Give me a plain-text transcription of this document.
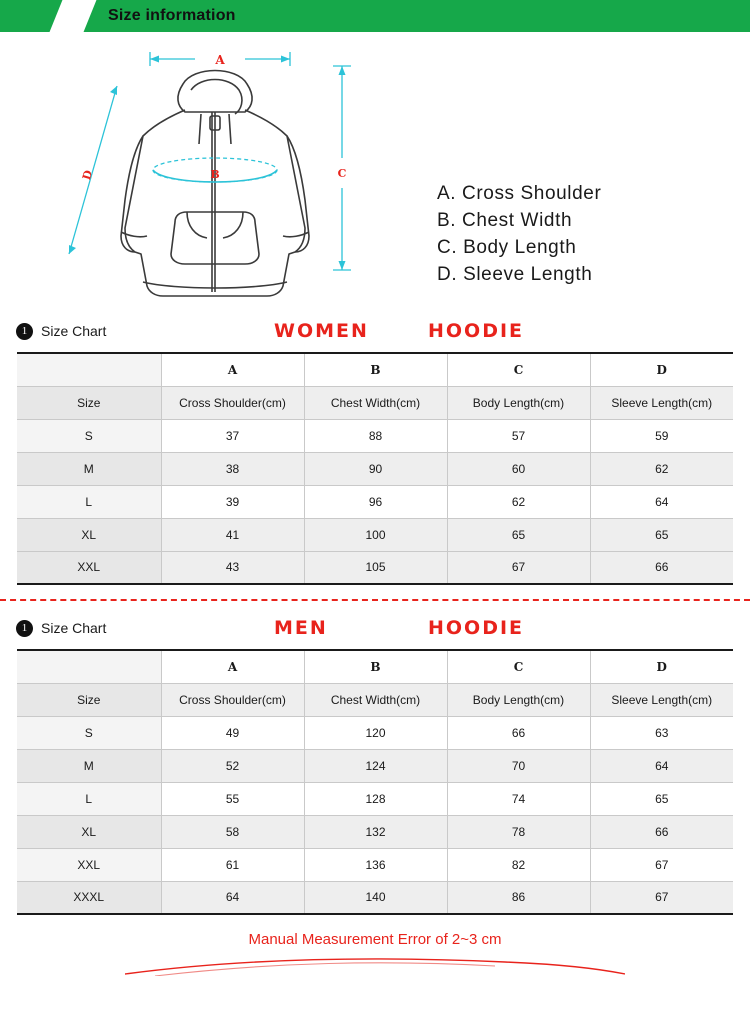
Size information
A
B	C
D
A. Cross Shoulder
B. Chest Width
C. Body Length
D. Sleeve Length
1 Size Chart	WOMEN	HOODIE
	A	B	C	D
Size	Cross Shoulder(cm)	Chest Width(cm)	Body Length(cm)	Sleeve Length(cm)
S	37	88	57	59
M	38	90	60	62
L	39	96	62	64
XL	41	100	65	65
XXL	43	105	67	66
1 Size Chart	MEN	HOODIE
	A	B	C	D
Size	Cross Shoulder(cm)	Chest Width(cm)	Body Length(cm)	Sleeve Length(cm)
S	49	120	66	63
M	52	124	70	64
L	55	128	74	65
XL	58	132	78	66
XXL	61	136	82	67
XXXL	64	140	86	67
Manual Measurement Error of 2~3 cm
